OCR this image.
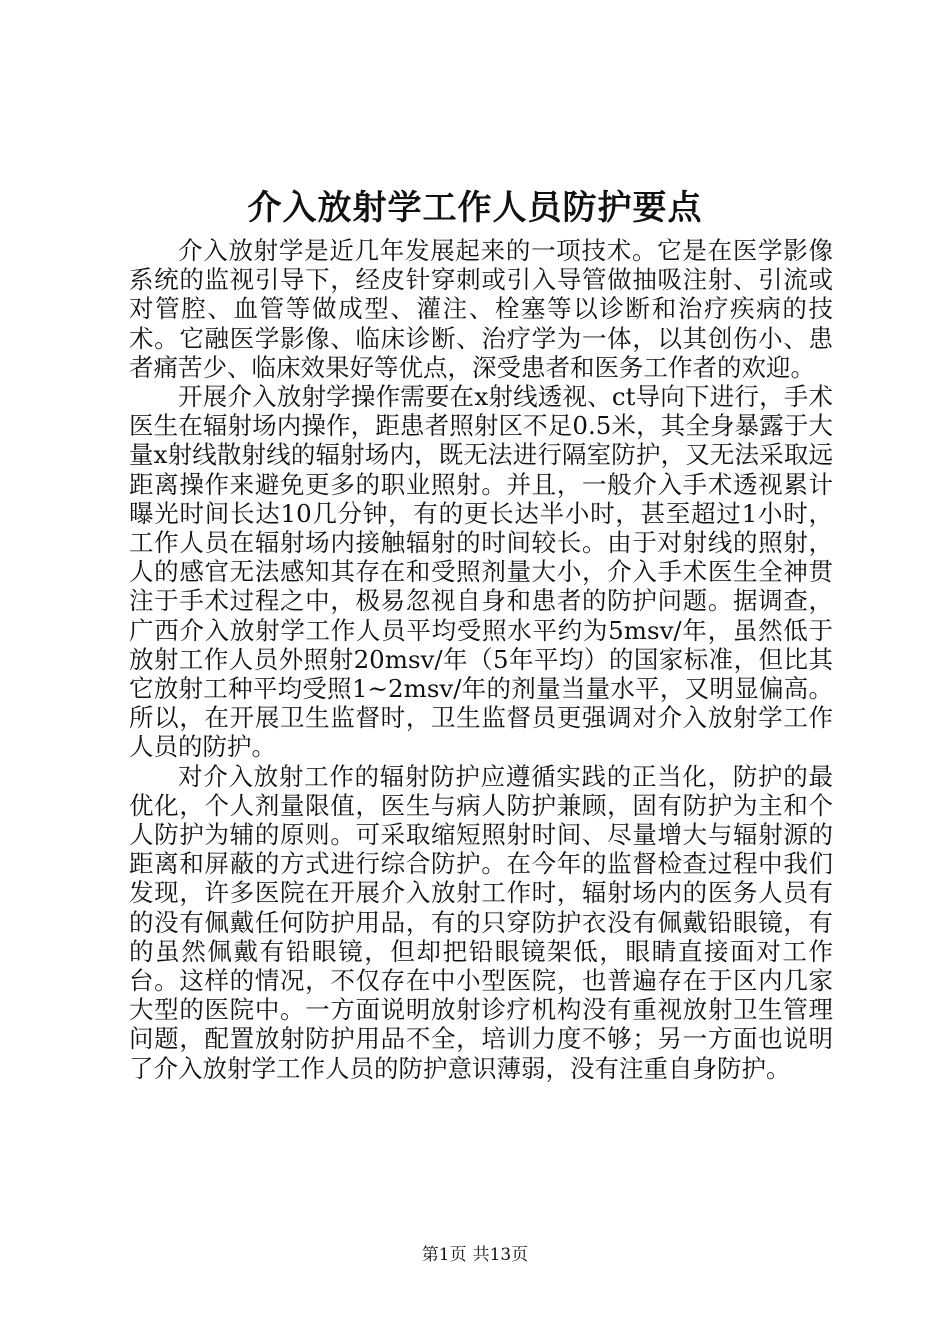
介入放射学工作人员防护要点

介入放射学是近几年发展起来的一项技术。它是在医学影像系统的监视引导下，经皮针穿刺或引入导管做抽吸注射、引流或对管腔、血管等做成型、灌注、栓塞等以诊断和治疗疾病的技术。它融医学影像、临床诊断、治疗学为一体，以其创伤小、患者痛苦少、临床效果好等优点，深受患者和医务工作者的欢迎。

开展介入放射学操作需要在x射线透视、ct导向下进行，手术医生在辐射场内操作，距患者照射区不足0.5米，其全身暴露于大量x射线散射线的辐射场内，既无法进行隔室防护，又无法采取远距离操作来避免更多的职业照射。并且，一般介入手术透视累计曝光时间长达10几分钟，有的更长达半小时，甚至超过1小时，工作人员在辐射场内接触辐射的时间较长。由于对射线的照射，人的感官无法感知其存在和受照剂量大小，介入手术医生全神贯注于手术过程之中，极易忽视自身和患者的防护问题。据调查，广西介入放射学工作人员平均受照水平约为5msv/年，虽然低于放射工作人员外照射20msv/年（5年平均）的国家标准，但比其它放射工种平均受照1~2msv/年的剂量当量水平，又明显偏高。所以，在开展卫生监督时，卫生监督员更强调对介入放射学工作人员的防护。

对介入放射工作的辐射防护应遵循实践的正当化，防护的最优化，个人剂量限值，医生与病人防护兼顾，固有防护为主和个人防护为辅的原则。可采取缩短照射时间、尽量增大与辐射源的距离和屏蔽的方式进行综合防护。在今年的监督检查过程中我们发现，许多医院在开展介入放射工作时，辐射场内的医务人员有的没有佩戴任何防护用品，有的只穿防护衣没有佩戴铅眼镜，有的虽然佩戴有铅眼镜，但却把铅眼镜架低，眼睛直接面对工作台。这样的情况，不仅存在中小型医院，也普遍存在于区内几家大型的医院中。一方面说明放射诊疗机构没有重视放射卫生管理问题，配置放射防护用品不全，培训力度不够；另一方面也说明了介入放射学工作人员的防护意识薄弱，没有注重自身防护。

第1页 共13页
